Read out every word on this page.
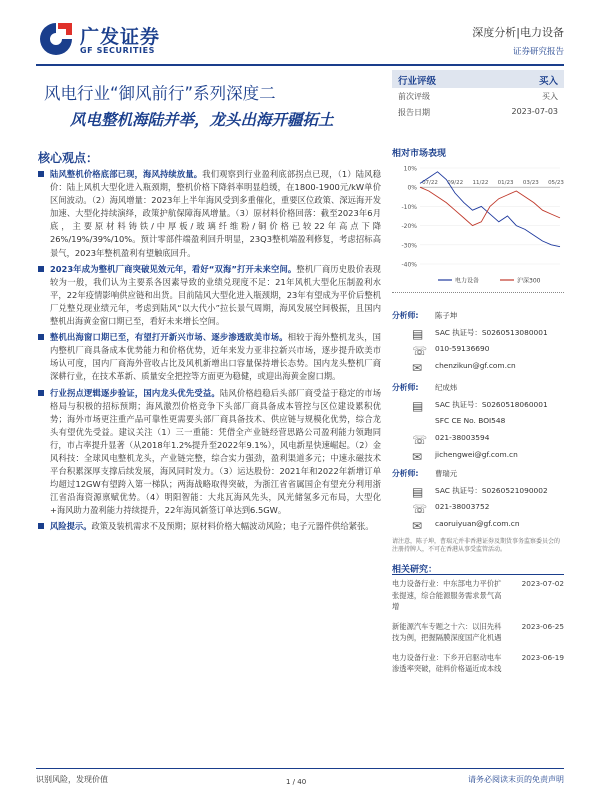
广发证券
GF SECURITIES
深度分析|电力设备
证券研究报告
风电行业“御风前行”系列深度二
风电整机海陆并举，龙头出海开疆拓土
行业评级	买入
前次评级	买入
报告日期	2023-07-03
相对市场表现
10%
0%
-10%
-20%
-30%
-40%
07/22 09/22 11/22 01/23 03/23 05/23
电力设备	沪深300
核心观点：
陆风整机价格底部已现，海风持续放量。我们观察到行业盈利底部拐点已现，（1）陆风稳价：陆上风机大型化进入瓶颈期，整机价格下降斜率明显趋缓，在1800-1900元/kW单价区间波动。（2）海风增量：2023年上半年海风受到多重催化，重要区位政策、深远海开发加速、大型化持续演绎，政策护航保障海风增量。（3）原材料价格回落：截至2023年6月底，主要原材料铸铁/中厚板/玻璃纤维粉/铜价格已较22年高点下降26%/19%/39%/10%。预计零部件端盈利回升明显，23Q3整机端盈利修复，考虑招标高景气，2023年整机盈利有望触底回升。
2023年成为整机厂商突破见效元年，看好“双海”打开未来空间。整机厂商历史股价表现较为一般，我们认为主要系各因素导致的业绩兑现度不足：21年风机大型化压制盈利水平，22年疫情影响供应链和出货。目前陆风大型化进入瓶颈期，23年有望成为平价后整机厂兑整兑现业绩元年，考虑到陆风“以大代小”拉长景气周期，海风发展空间极振，且国内整机出海黄金窗口期已至，看好未来增长空间。
整机出海窗口期已至，有望打开新兴市场、逐步渗透欧美市场。相较于海外整机龙头，国内整机厂商具备成本优势能力和价格优势，近年来发力亚非拉新兴市场，逐步提升欧美市场认可度，国内厂商海外营收占比及风机新增出口容量保持增长态势。国内龙头整机厂商深耕行业，在技术革新、质量安全把控等方面更为稳健，或迎出海黄金窗口期。
行业拐点逻辑逐步验证，国内龙头优先受益。陆风价格趋稳后头部厂商受益于稳定的市场格局与积极的招标预期；海风激烈价格竞争下头部厂商具备成本管控与区位建设累积优势；海外市场更注重产品可靠性更需要头部厂商具备技术、供应链与规模化优势，综合龙头有望优先受益。建议关注（1）三一重能：凭借全产业链经营思路公司盈利能力领跑同行，市占率提升显著（从2018年1.2%提升至2022年9.1%），风电新星快速崛起。（2）金风科技：全球风电整机龙头，产业链完整，综合实力强劲，盈利渠道多元；中速永磁技术平台积累深厚支撑后续发展，海风同时发力。（3）运达股份：2021年和2022年新增订单均超过12GW有望跨入第一梯队；两海战略取得突破，为浙江省省属国企有望充分利用浙江省沿海资源禀赋优势。（4）明阳智能：大兆瓦海风先头，风光储氢多元布局，大型化+海风助力盈利能力持续提升，22年海风新签订单达到6.5GW。
风险提示。政策及装机需求不及预期；原材料价格大幅波动风险；电子元器件供给紧张。
分析师: 陈子坤
▤ SAC 执证号：S0260513080001
☏ 010-59136690
✉ chenzikun@gf.com.cn
分析师: 纪成炜
▤ SAC 执证号：S0260518060001
SFC CE No. BOI548
☏ 021-38003594
✉ jichengwei@gf.com.cn
分析师: 曹瑞元
▤ SAC 执证号：S0260521090002
☏ 021-38003752
✉ caoruiyuan@gf.com.cn
请注意，陈子坤，曹瑞元并非香港证券及期货事务监察委员会的注册持牌人，不可在香港从事受监管活动。
相关研究：
电力设备行业：中东部电力平价扩张提速，综合能源服务需求景气高增
2023-07-02
新能源汽车专题之十六：以旧先科技为例，把握隔膜深度国产化机遇
2023-06-25
电力设备行业：下乡开启驱动电车渗透率突破，硅料价格逼近成本线
2023-06-19
识别风险，发现价值	1 / 40	请务必阅读末页的免责声明
